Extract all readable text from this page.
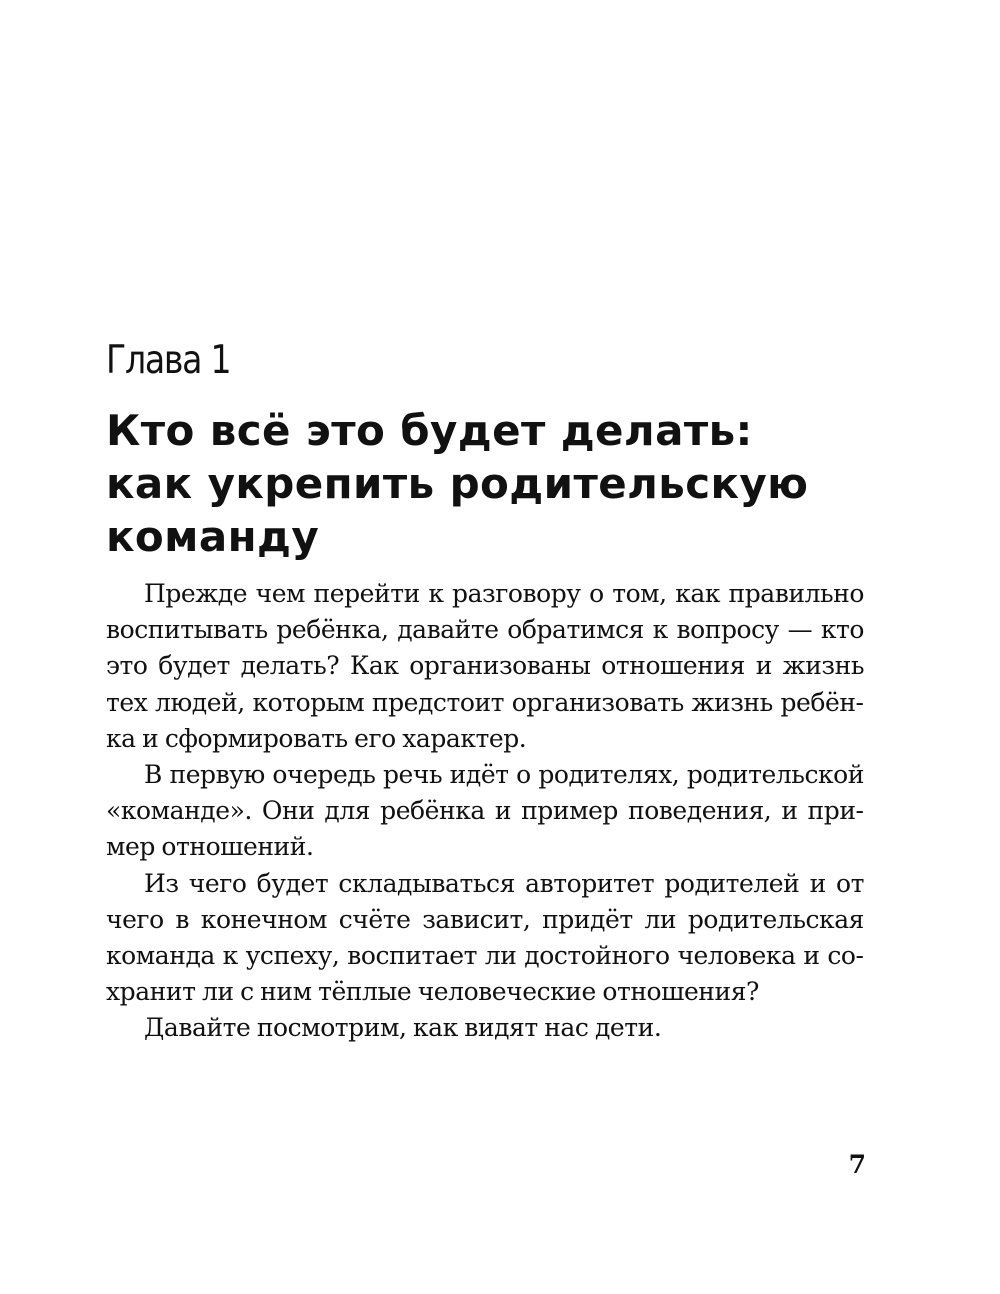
Глава 1
Кто всё это будет делать:
как укрепить родительскую
команду

Прежде чем перейти к разговору о том, как правильно воспитывать ребёнка, давайте обратимся к вопросу — кто это будет делать? Как организованы отношения и жизнь тех людей, которым предстоит организовать жизнь ребёнка и сформировать его характер.

В первую очередь речь идёт о родителях, родительской «команде». Они для ребёнка и пример поведения, и пример отношений.

Из чего будет складываться авторитет родителей и от чего в конечном счёте зависит, придёт ли родительская команда к успеху, воспитает ли достойного человека и сохранит ли с ним тёплые человеческие отношения?

Давайте посмотрим, как видят нас дети.

7
